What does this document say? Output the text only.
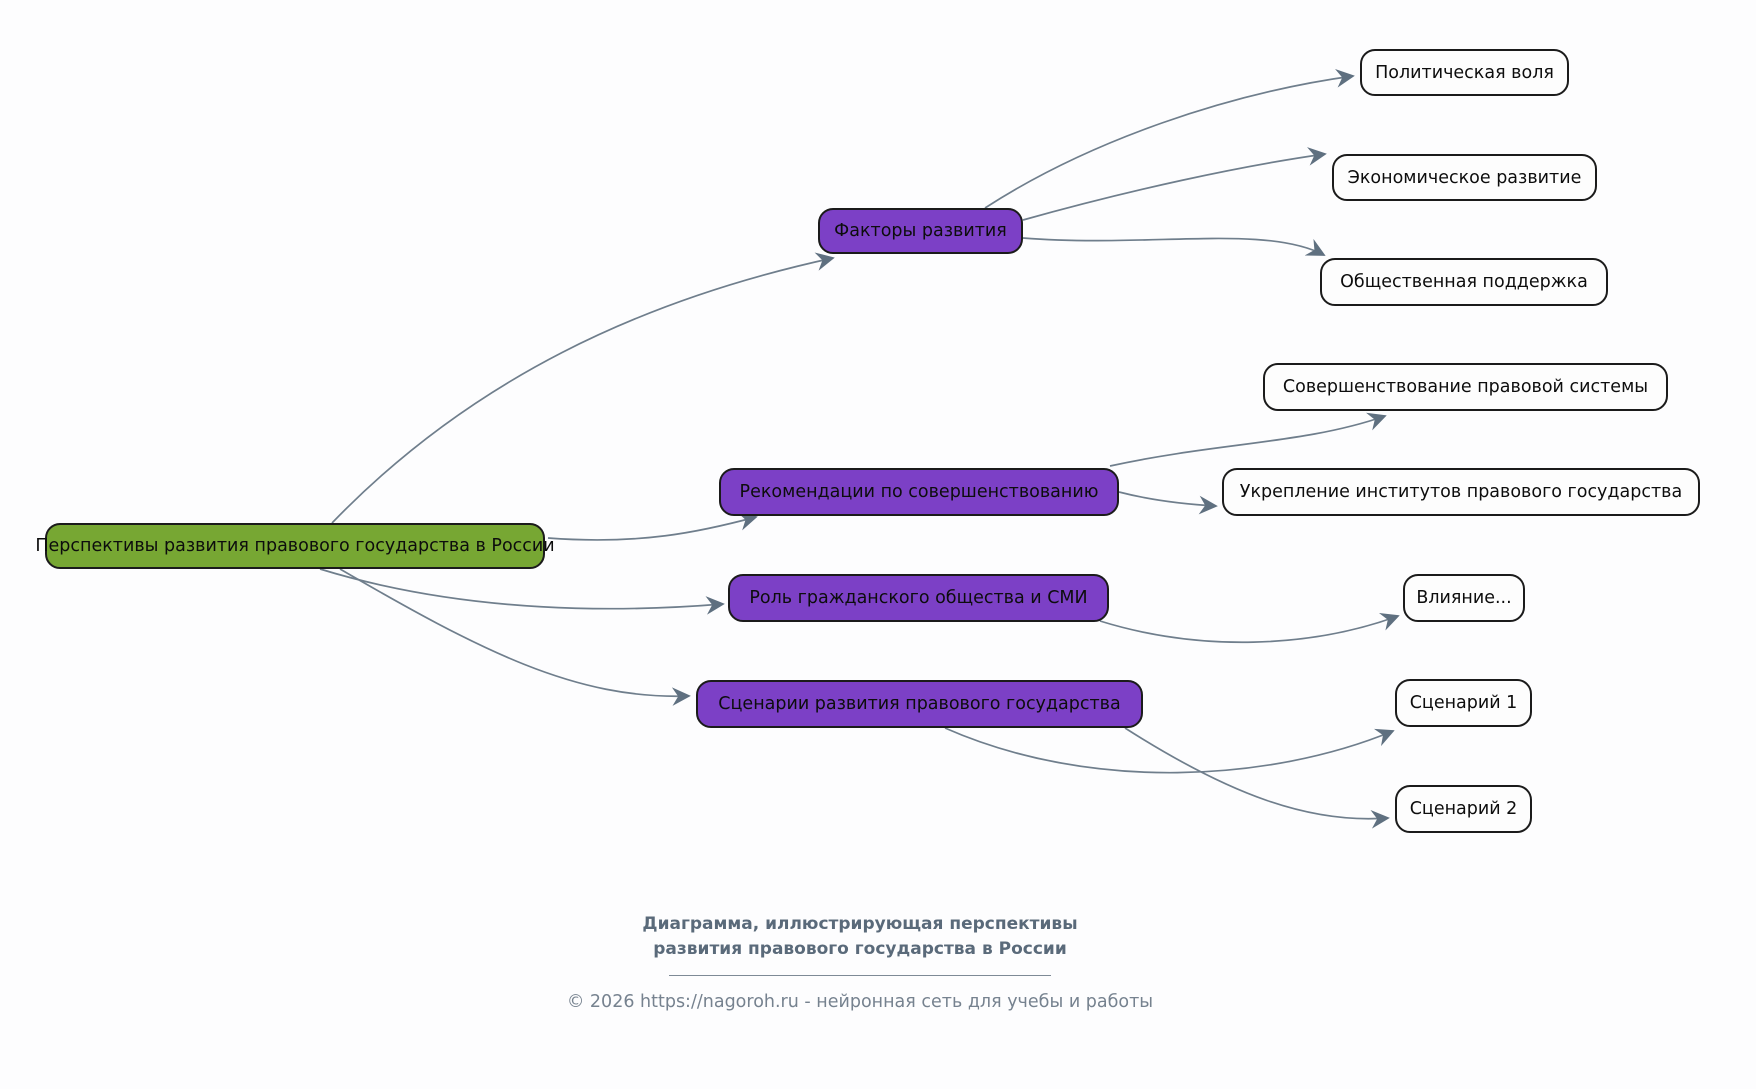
Перспективы развития правового государства в России
Факторы развития
Политическая воля
Экономическое развитие
Общественная поддержка
Рекомендации по совершенствованию
Совершенствование правовой системы
Укрепление институтов правового государства
Роль гражданского общества и СМИ	Влияние...
Сценарии развития правового государства	Сценарий 1
Сценарий 2
Диаграмма, иллюстрирующая перспективы
развития правового государства в России
© 2026 https://nagoroh.ru - нейронная сеть для учебы и работы
